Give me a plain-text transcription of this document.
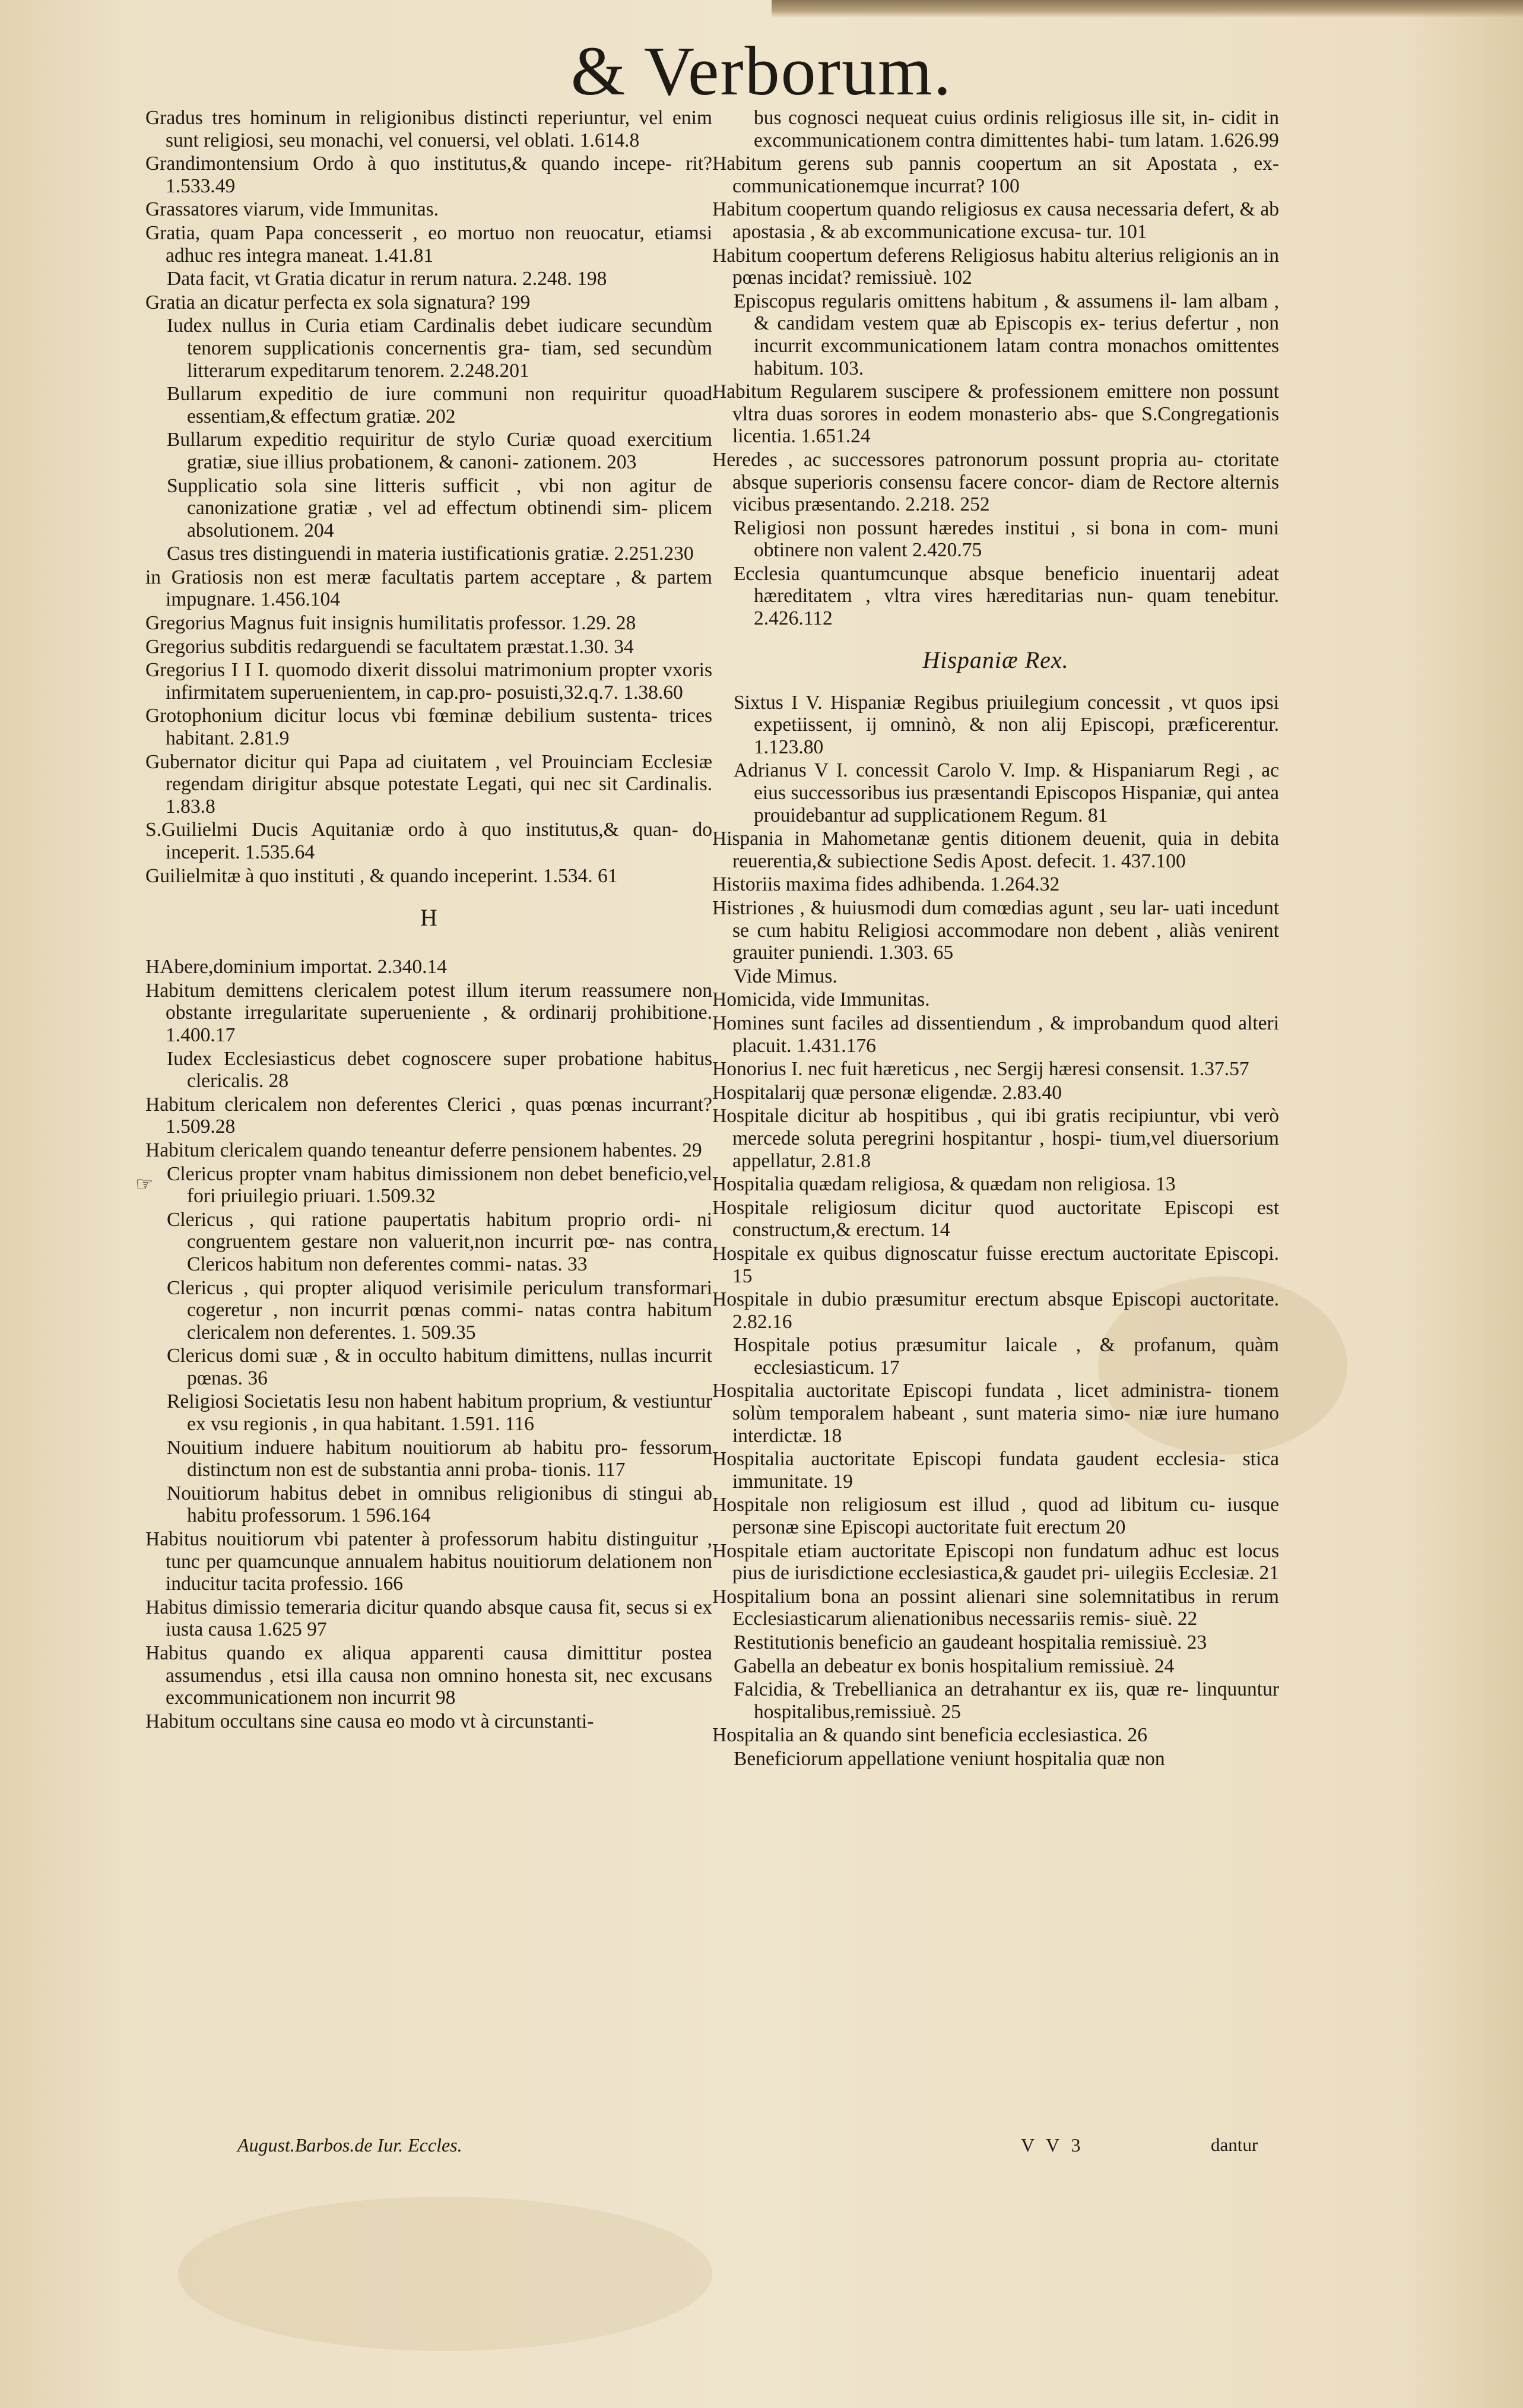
& Verborum.
Gradus tres hominum in religionibus distincti reperiuntur, vel enim sunt religiosi, seu monachi, vel conuersi, vel oblati. 1.614.8
Grandimontensium Ordo à quo institutus,& quando incepe- rit? 1.533.49
Grassatores viarum, vide Immunitas.
Gratia, quam Papa concesserit , eo mortuo non reuocatur, etiamsi adhuc res integra maneat. 1.41.81
Data facit, vt Gratia dicatur in rerum natura. 2.248. 198
Gratia an dicatur perfecta ex sola signatura? 199
Iudex nullus in Curia etiam Cardinalis debet iudicare secundùm tenorem supplicationis concernentis gra- tiam, sed secundùm litterarum expeditarum tenorem. 2.248.201
Bullarum expeditio de iure communi non requiritur quoad essentiam,& effectum gratiæ. 202
Bullarum expeditio requiritur de stylo Curiæ quoad exercitium gratiæ, siue illius probationem, & canoni- zationem. 203
Supplicatio sola sine litteris sufficit , vbi non agitur de canonizatione gratiæ , vel ad effectum obtinendi sim- plicem absolutionem. 204
Casus tres distinguendi in materia iustificationis gratiæ. 2.251.230
in Gratiosis non est meræ facultatis partem acceptare , & partem impugnare. 1.456.104
Gregorius Magnus fuit insignis humilitatis professor. 1.29. 28
Gregorius subditis redarguendi se facultatem præstat.1.30. 34
Gregorius I I I. quomodo dixerit dissolui matrimonium propter vxoris infirmitatem superuenientem, in cap.pro- posuisti,32.q.7. 1.38.60
Grotophonium dicitur locus vbi fœminæ debilium sustenta- trices habitant. 2.81.9
Gubernator dicitur qui Papa ad ciuitatem , vel Prouinciam Ecclesiæ regendam dirigitur absque potestate Legati, qui nec sit Cardinalis. 1.83.8
S.Guilielmi Ducis Aquitaniæ ordo à quo institutus,& quan- do inceperit. 1.535.64
Guilielmitæ à quo instituti , & quando inceperint. 1.534. 61
H
HAbere,dominium importat. 2.340.14
Habitum demittens clericalem potest illum iterum reassumere non obstante irregularitate superueniente , & ordinarij prohibitione. 1.400.17
Iudex Ecclesiasticus debet cognoscere super probatione habitus clericalis. 28
Habitum clericalem non deferentes Clerici , quas pœnas incurrant? 1.509.28
Habitum clericalem quando teneantur deferre pensionem habentes. 29
Clericus propter vnam habitus dimissionem non debet beneficio,vel fori priuilegio priuari. 1.509.32
Clericus , qui ratione paupertatis habitum proprio ordi- ni congruentem gestare non valuerit,non incurrit pœ- nas contra Clericos habitum non deferentes commi- natas. 33
Clericus , qui propter aliquod verisimile periculum transformari cogeretur , non incurrit pœnas commi- natas contra habitum clericalem non deferentes. 1. 509.35
Clericus domi suæ , & in occulto habitum dimittens, nullas incurrit pœnas. 36
Religiosi Societatis Iesu non habent habitum proprium, & vestiuntur ex vsu regionis , in qua habitant. 1.591. 116
Nouitium induere habitum nouitiorum ab habitu pro- fessorum distinctum non est de substantia anni proba- tionis. 117
Nouitiorum habitus debet in omnibus religionibus di stingui ab habitu professorum. 1 596.164
Habitus nouitiorum vbi patenter à professorum habitu distinguitur , tunc per quamcunque annualem habitus nouitiorum delationem non inducitur tacita professio. 166
Habitus dimissio temeraria dicitur quando absque causa fit, secus si ex iusta causa 1.625 97
Habitus quando ex aliqua apparenti causa dimittitur postea assumendus , etsi illa causa non omnino honesta sit, nec excusans excommunicationem non incurrit 98
Habitum occultans sine causa eo modo vt à circunstanti-
bus cognosci nequeat cuius ordinis religiosus ille sit, in- cidit in excommunicationem contra dimittentes habi- tum latam. 1.626.99
Habitum gerens sub pannis coopertum an sit Apostata , ex- communicationemque incurrat? 100
Habitum coopertum quando religiosus ex causa necessaria defert, & ab apostasia , & ab excommunicatione excusa- tur. 101
Habitum coopertum deferens Religiosus habitu alterius religionis an in pœnas incidat? remissiuè. 102
Episcopus regularis omittens habitum , & assumens il- lam albam , & candidam vestem quæ ab Episcopis ex- terius defertur , non incurrit excommunicationem latam contra monachos omittentes habitum. 103.
Habitum Regularem suscipere & professionem emittere non possunt vltra duas sorores in eodem monasterio abs- que S.Congregationis licentia. 1.651.24
Heredes , ac successores patronorum possunt propria au- ctoritate absque superioris consensu facere concor- diam de Rectore alternis vicibus præsentando. 2.218. 252
Religiosi non possunt hæredes institui , si bona in com- muni obtinere non valent 2.420.75
Ecclesia quantumcunque absque beneficio inuentarij adeat hæreditatem , vltra vires hæreditarias nun- quam tenebitur. 2.426.112
Hispaniæ Rex.
Sixtus I V. Hispaniæ Regibus priuilegium concessit , vt quos ipsi expetiissent, ij omninò, & non alij Episcopi, præficerentur. 1.123.80
Adrianus V I. concessit Carolo V. Imp. & Hispaniarum Regi , ac eius successoribus ius præsentandi Episcopos Hispaniæ, qui antea prouidebantur ad supplicationem Regum. 81
Hispania in Mahometanæ gentis ditionem deuenit, quia in debita reuerentia,& subiectione Sedis Apost. defecit. 1. 437.100
Historiis maxima fides adhibenda. 1.264.32
Histriones , & huiusmodi dum comœdias agunt , seu lar- uati incedunt se cum habitu Religiosi accommodare non debent , aliàs venirent grauiter puniendi. 1.303. 65
Vide Mimus.
Homicida, vide Immunitas.
Homines sunt faciles ad dissentiendum , & improbandum quod alteri placuit. 1.431.176
Honorius I. nec fuit hæreticus , nec Sergij hæresi consensit. 1.37.57
Hospitalarij quæ personæ eligendæ. 2.83.40
Hospitale dicitur ab hospitibus , qui ibi gratis recipiuntur, vbi verò mercede soluta peregrini hospitantur , hospi- tium,vel diuersorium appellatur, 2.81.8
Hospitalia quædam religiosa, & quædam non religiosa. 13
Hospitale religiosum dicitur quod auctoritate Episcopi est constructum,& erectum. 14
Hospitale ex quibus dignoscatur fuisse erectum auctoritate Episcopi. 15
Hospitale in dubio præsumitur erectum absque Episcopi auctoritate. 2.82.16
Hospitale potius præsumitur laicale , & profanum, quàm ecclesiasticum. 17
Hospitalia auctoritate Episcopi fundata , licet administra- tionem solùm temporalem habeant , sunt materia simo- niæ iure humano interdictæ. 18
Hospitalia auctoritate Episcopi fundata gaudent ecclesia- stica immunitate. 19
Hospitale non religiosum est illud , quod ad libitum cu- iusque personæ sine Episcopi auctoritate fuit erectum 20
Hospitale etiam auctoritate Episcopi non fundatum adhuc est locus pius de iurisdictione ecclesiastica,& gaudet pri- uilegiis Ecclesiæ. 21
Hospitalium bona an possint alienari sine solemnitatibus in rerum Ecclesiasticarum alienationibus necessariis remis- siuè. 22
Restitutionis beneficio an gaudeant hospitalia remissiuè. 23
Gabella an debeatur ex bonis hospitalium remissiuè. 24
Falcidia, & Trebellianica an detrahantur ex iis, quæ re- linquuntur hospitalibus,remissiuè. 25
Hospitalia an & quando sint beneficia ecclesiastica. 26
Beneficiorum appellatione veniunt hospitalia quæ non
☞
August.Barbos.de Iur. Eccles.	V V 3	dantur
